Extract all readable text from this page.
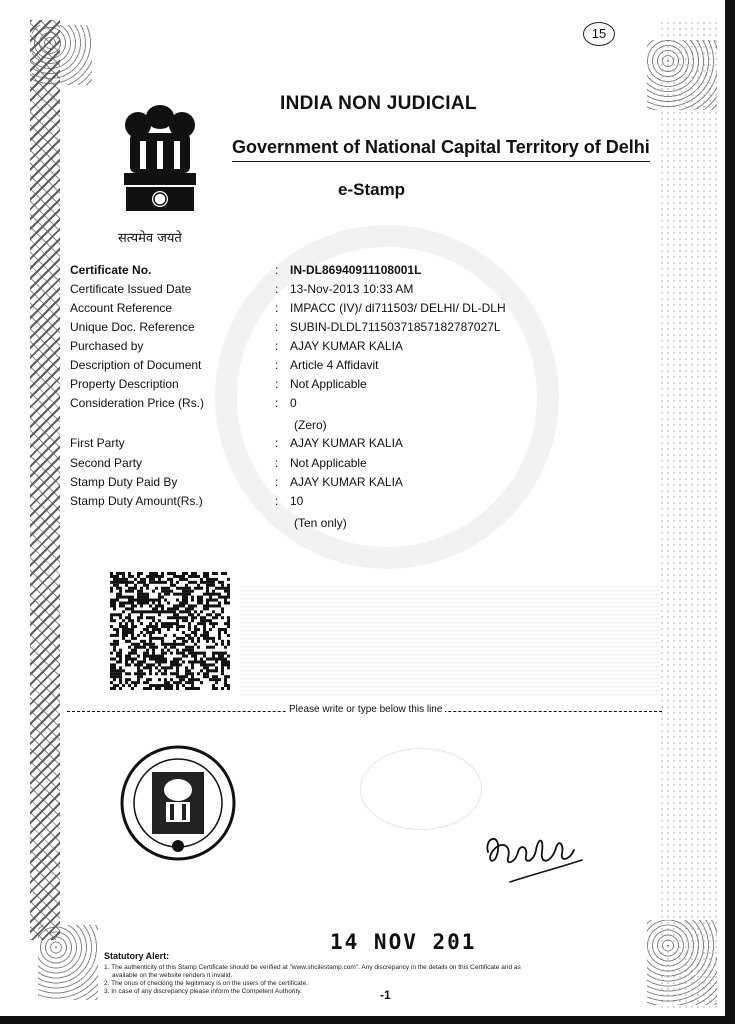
15
सत्यमेव जयते
INDIA NON JUDICIAL
Government of National Capital Territory of Delhi
e-Stamp
Certificate No.	: IN-DL86940911108001L
Certificate Issued Date	: 13-Nov-2013 10:33 AM
Account Reference	: IMPACC (IV)/ dl711503/ DELHI/ DL-DLH
Unique Doc. Reference	: SUBIN-DLDL71150371857182787027L
Purchased by	: AJAY KUMAR KALIA
Description of Document	: Article 4 Affidavit
Property Description	: Not Applicable
Consideration Price (Rs.)	: 0
(Zero)
First Party	: AJAY KUMAR KALIA
Second Party	: Not Applicable
Stamp Duty Paid By	: AJAY KUMAR KALIA
Stamp Duty Amount(Rs.)	: 10
(Ten only)
Please write or type below this line
14 NOV 201
Statutory Alert:
1. The authenticity of this Stamp Certificate should be verified at "www.shcilestamp.com". Any discrepancy in the details on this Certificate and as
available on the website renders it invalid.
2. The onus of checking the legitimacy is on the users of the certificate.
3. In case of any discrepancy please inform the Competent Authority.	-1
